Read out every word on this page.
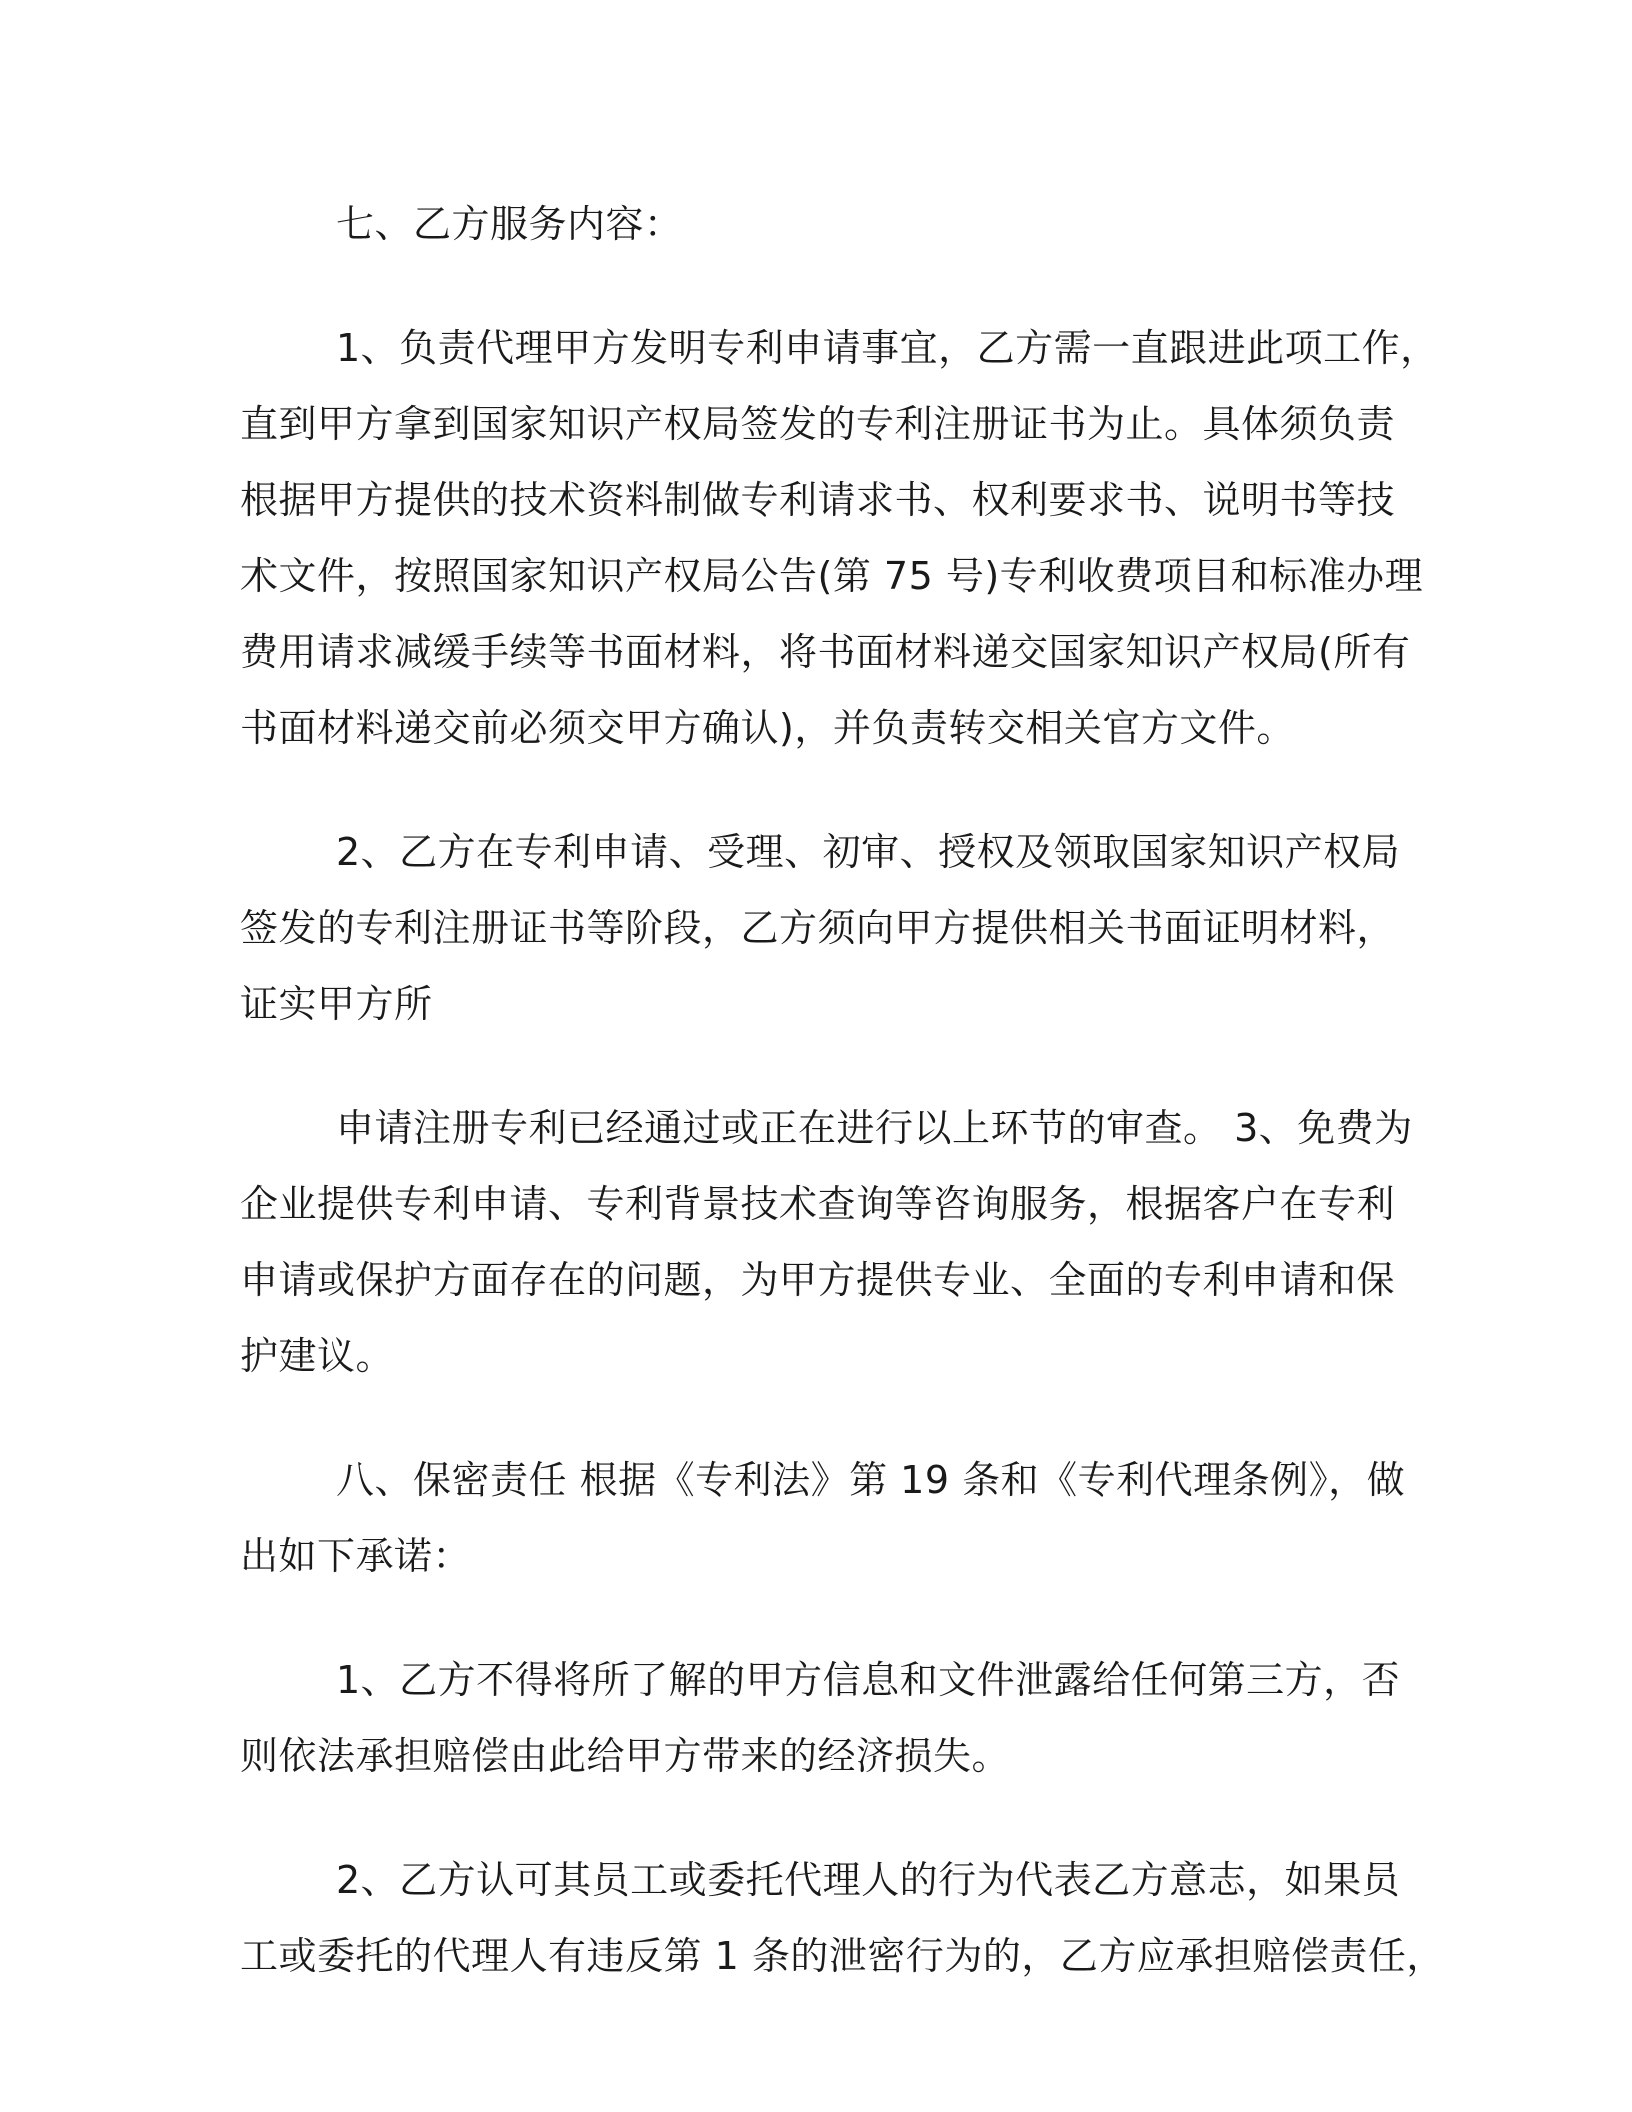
七、乙方服务内容：
1、负责代理甲方发明专利申请事宜，乙方需一直跟进此项工作，
直到甲方拿到国家知识产权局签发的专利注册证书为止。具体须负责
根据甲方提供的技术资料制做专利请求书、权利要求书、说明书等技
术文件，按照国家知识产权局公告(第 75 号)专利收费项目和标准办理
费用请求减缓手续等书面材料，将书面材料递交国家知识产权局(所有
书面材料递交前必须交甲方确认)，并负责转交相关官方文件。
2、乙方在专利申请、受理、初审、授权及领取国家知识产权局
签发的专利注册证书等阶段，乙方须向甲方提供相关书面证明材料，
证实甲方所
申请注册专利已经通过或正在进行以上环节的审查。 3、免费为
企业提供专利申请、专利背景技术查询等咨询服务，根据客户在专利
申请或保护方面存在的问题，为甲方提供专业、全面的专利申请和保
护建议。
八、保密责任 根据《专利法》第 19 条和《专利代理条例》，做
出如下承诺：
1、乙方不得将所了解的甲方信息和文件泄露给任何第三方，否
则依法承担赔偿由此给甲方带来的经济损失。
2、乙方认可其员工或委托代理人的行为代表乙方意志，如果员
工或委托的代理人有违反第 1 条的泄密行为的，乙方应承担赔偿责任，
